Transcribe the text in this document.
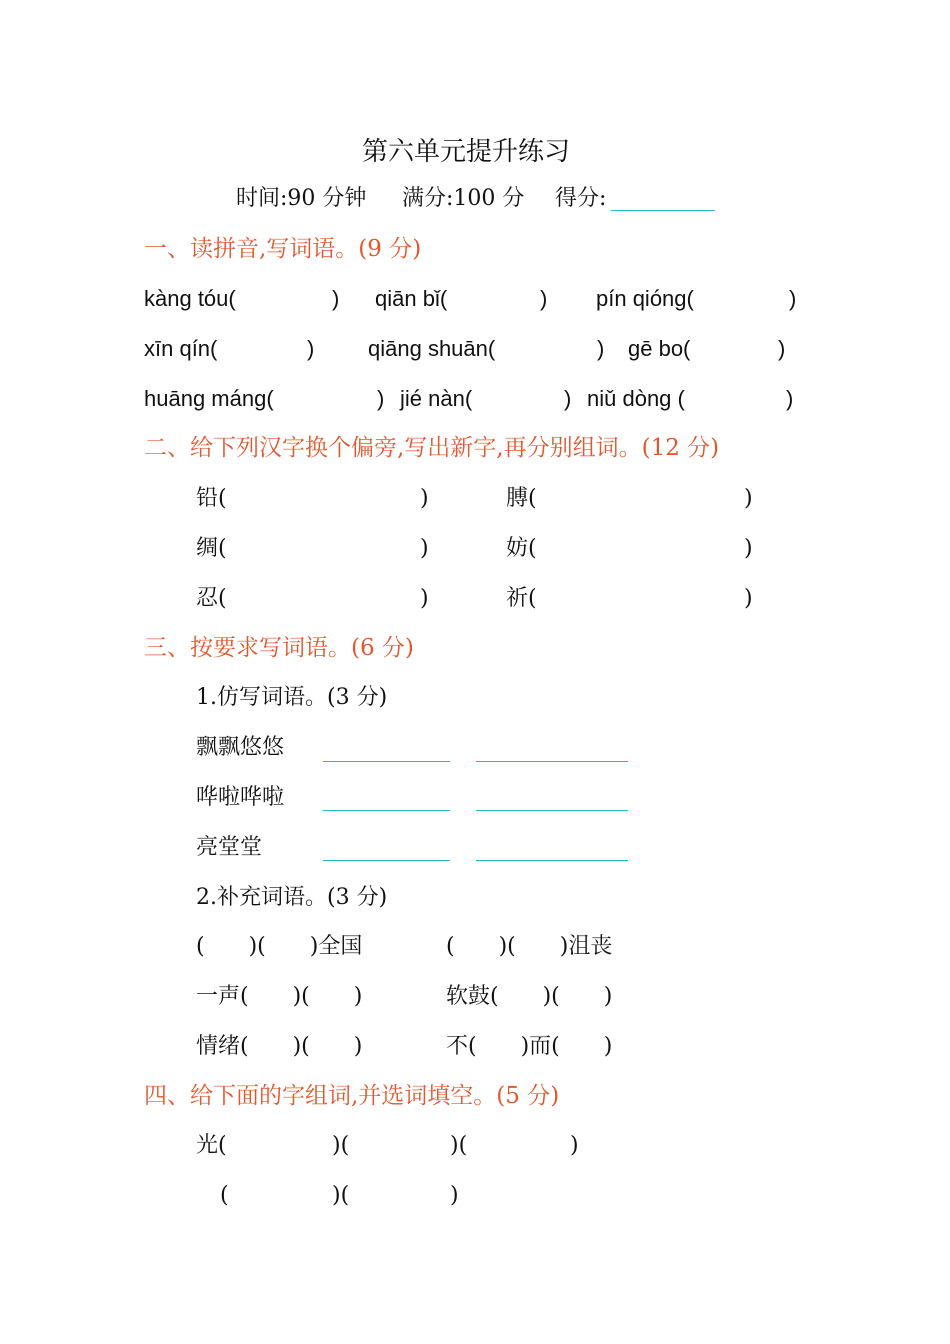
第六单元提升练习
时间:90 分钟 满分:100 分 得分:
一、读拼音,写词语。(9 分)
kàng tóu(	) qiān bǐ(	) pín qióng(	)
xīn qín(	) qiāng shuān(	) gē bo(	)
huāng máng(	) jié nàn(	) niǔ dòng (	)
二、给下列汉字换个偏旁,写出新字,再分别组词。(12 分)
铅(	)	膊(	)
绸(	)	妨(	)
忍(	)	祈(	)
三、按要求写词语。(6 分)
1.仿写词语。(3 分)
飘飘悠悠
哗啦哗啦
亮堂堂
2.补充词语。(3 分)
(　　)(　　)全国	(　　)(　　)沮丧
一声(　　)(　　)	软鼓(　　)(　　)
情绪(　　)(　　)	不(　　)而(　　)
四、给下面的字组词,并选词填空。(5 分)
光(	)(	)(	)
(	)(	)
